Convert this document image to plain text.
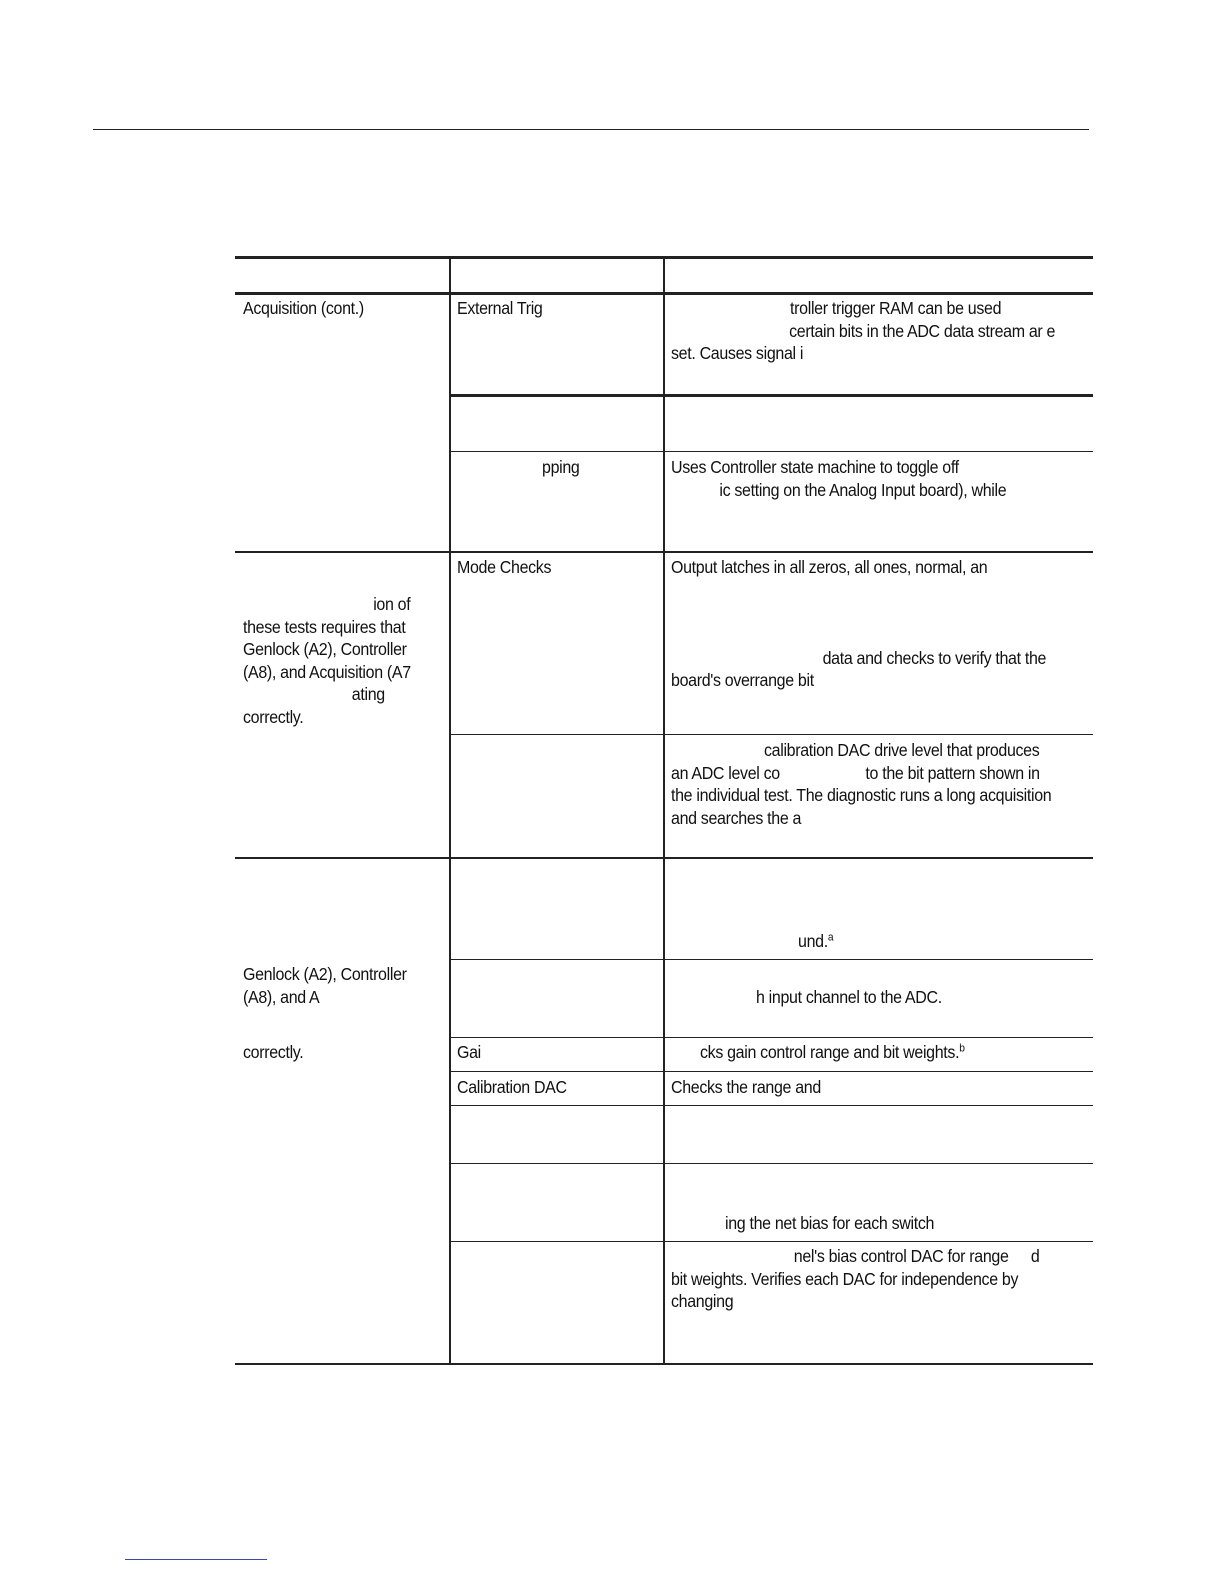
Acquisition (cont.)
ion of
these tests requires that
Genlock (A2), Controller
(A8), and Acquisition (A7
ating
correctly.
Genlock (A2), Controller
(A8), and A
correctly.
External Trig
pping
Mode Checks
Gai
Calibration DAC
troller trigger RAM can be used
certain bits in the ADC data stream ar e
set. Causes signal i
Uses Controller state machine to toggle off
ic setting on the Analog Input board), while
Output latches in all zeros, all ones, normal, an
data and checks to verify that the
board's overrange bit
calibration DAC drive level that produces
an ADC level co	to the bit pattern shown in
the individual test. The diagnostic runs a long acquisition
and searches the a
und.$^a$
h input channel to the ADC.
cks gain control range and bit weights.$^b$
Checks the range and
ing the net bias for each switch
nel's bias control DAC for range d
bit weights. Verifies each DAC for independence by
changing
